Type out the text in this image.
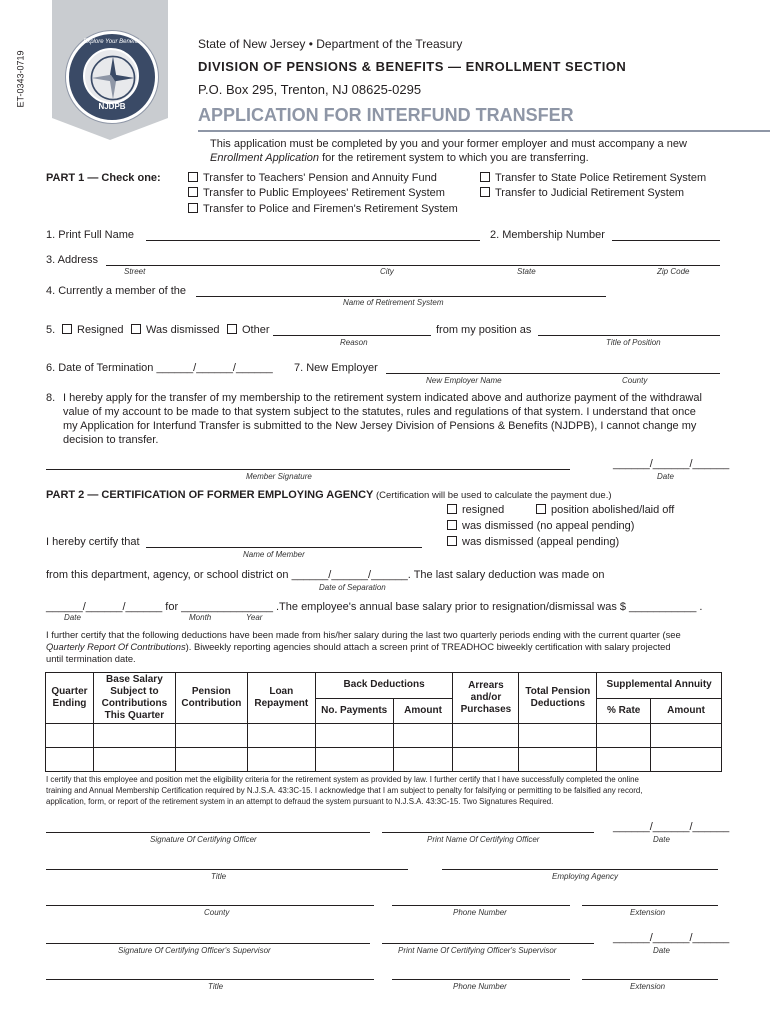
ET-0343-0719
Explore Your Benefits
NJDPB
State of New Jersey • Department of the Treasury
DIVISION OF PENSIONS & BENEFITS — ENROLLMENT SECTION
P.O. Box 295, Trenton, NJ 08625-0295
APPLICATION FOR INTERFUND TRANSFER
This application must be completed by you and your former employer and must accompany a new
Enrollment Application for the retirement system to which you are transferring.
PART 1 — Check one:	Transfer to Teachers' Pension and Annuity Fund
Transfer to Public Employees' Retirement System
Transfer to Police and Firemen's Retirement System
Transfer to State Police Retirement System
Transfer to Judicial Retirement System
1. Print Full Name	2. Membership Number
3. Address
Street	City	State	Zip Code
4. Currently a member of the
Name of Retirement System
5.	Resigned	Was dismissed	Other	from my position as
Reason	Title of Position
6. Date of Termination ______/______/______ 7. New Employer
New Employer Name	County
8. I hereby apply for the transfer of my membership to the retirement system indicated above and authorize payment of the withdrawal
value of my account to be made to that system subject to the statutes, rules and regulations of that system. I understand that once
my Application for Interfund Transfer is submitted to the New Jersey Division of Pensions & Benefits (NJDPB), I cannot change my
decision to transfer.
Member Signature
______/______/______
Date
PART 2 — CERTIFICATION OF FORMER EMPLOYING AGENCY (Certification will be used to calculate the payment due.)
resigned	position abolished/laid off
was dismissed (no appeal pending)
was dismissed (appeal pending)
I hereby certify that
Name of Member
from this department, agency, or school district on ______/______/______. The last salary deduction was made on
Date of Separation
______/______/______ for _______________ .The employee's annual base salary prior to resignation/dismissal was $ ___________ .
Date	Month	Year
I further certify that the following deductions have been made from his/her salary during the last two quarterly periods ending with the current quarter (see
Quarterly Report Of Contributions). Biweekly reporting agencies should attach a screen print of TREADHOC biweekly certification with salary projected
until termination date.
Quarter Ending	Base Salary Subject to Contributions This Quarter	Pension Contribution	Loan Repayment	Back Deductions		Arrears and/or Purchases	Total Pension Deductions	Supplemental Annuity	
				No. Payments	Amount			% Rate	Amount

I certify that this employee and position met the eligibility criteria for the retirement system as provided by law. I further certify that I have successfully completed the online
training and Annual Membership Certification required by N.J.S.A. 43:3C-15. I acknowledge that I am subject to penalty for falsifying or permitting to be falsified any record,
application, form, or report of the retirement system in an attempt to defraud the system pursuant to N.J.S.A. 43:3C-15. Two Signatures Required.
______/______/______
Signature Of Certifying Officer	Print Name Of Certifying Officer	Date
Title	Employing Agency
County	Phone Number	Extension
______/______/______
Signature Of Certifying Officer's Supervisor	Print Name Of Certifying Officer's Supervisor	Date
Title	Phone Number	Extension
